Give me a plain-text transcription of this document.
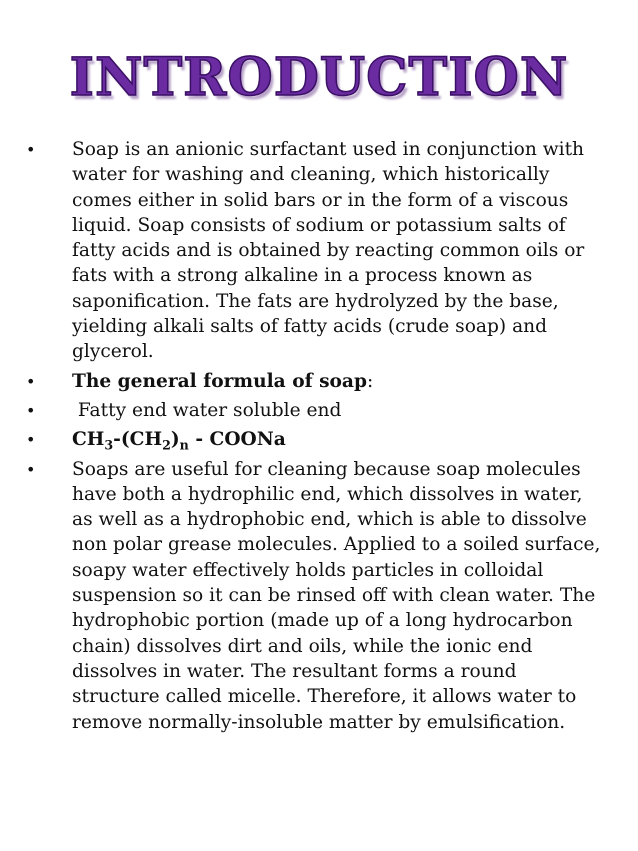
INTRODUCTION
• Soap is an anionic surfactant used in conjunction with water for washing and cleaning, which historically comes either in solid bars or in the form of a viscous liquid. Soap consists of sodium or potassium salts of fatty acids and is obtained by reacting common oils or fats with a strong alkaline in a process known as saponification. The fats are hydrolyzed by the base, yielding alkali salts of fatty acids (crude soap) and glycerol.
• The general formula of soap:
• Fatty end water soluble end
• $CH_3-(CH_2)_n$ - COONa
• Soaps are useful for cleaning because soap molecules have both a hydrophilic end, which dissolves in water, as well as a hydrophobic end, which is able to dissolve non polar grease molecules. Applied to a soiled surface, soapy water effectively holds particles in colloidal suspension so it can be rinsed off with clean water. The hydrophobic portion (made up of a long hydrocarbon chain) dissolves dirt and oils, while the ionic end dissolves in water. The resultant forms a round structure called micelle. Therefore, it allows water to remove normally-insoluble matter by emulsification.
